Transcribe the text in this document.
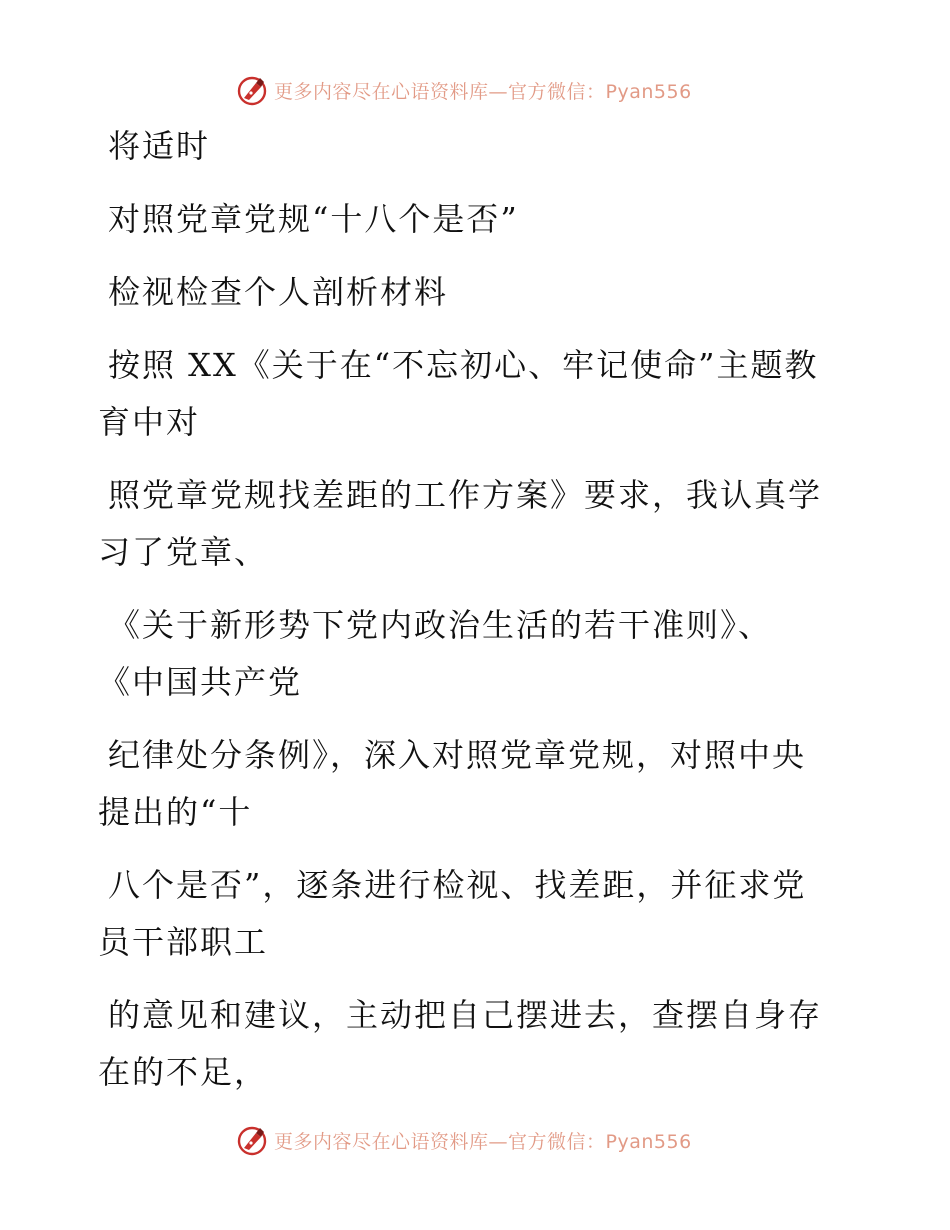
更多内容尽在心语资料库—官方微信：Pyan556
将适时
对照党章党规“十八个是否”
检视检查个人剖析材料
按照 XX《关于在“不忘初心、牢记使命”主题教
育中对
照党章党规找差距的工作方案》要求，我认真学
习了党章、
《关于新形势下党内政治生活的若干准则》、
《中国共产党
纪律处分条例》，深入对照党章党规，对照中央
提出的“十
八个是否”，逐条进行检视、找差距，并征求党
员干部职工
的意见和建议，主动把自己摆进去，查摆自身存
在的不足，
更多内容尽在心语资料库—官方微信：Pyan556
